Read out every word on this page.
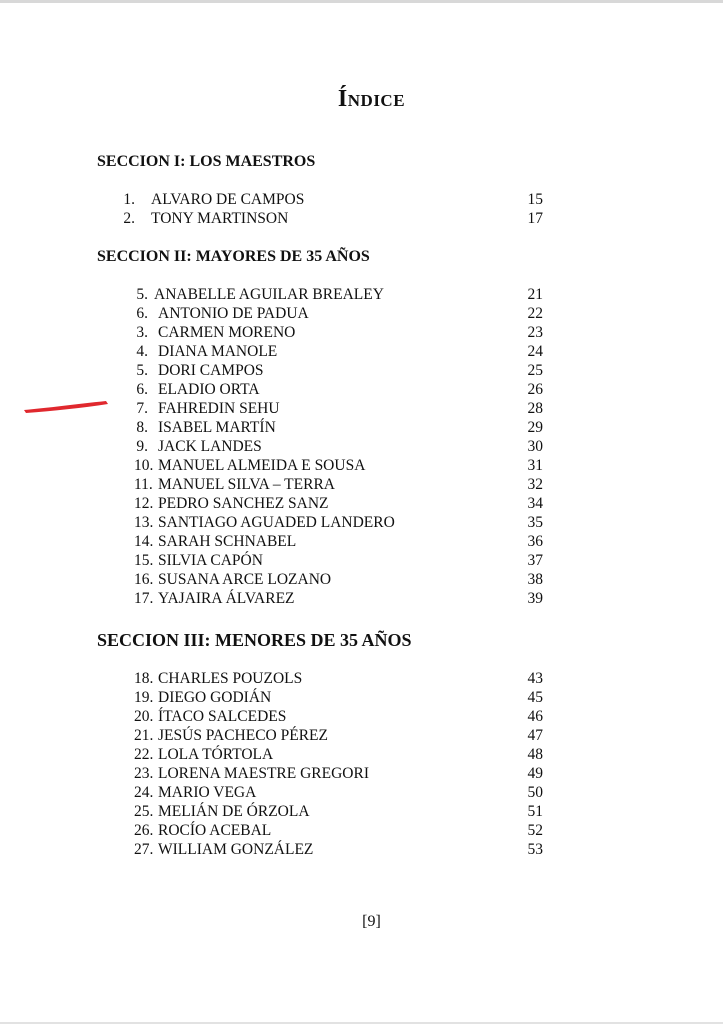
ÍNDICE
SECCION I: LOS MAESTROS
1. ALVARO DE CAMPOS	15
2. TONY MARTINSON	17
SECCION II: MAYORES DE 35 AÑOS
5. ANABELLE AGUILAR BREALEY	21
6. ANTONIO DE PADUA	22
3. CARMEN MORENO	23
4. DIANA MANOLE	24
5. DORI CAMPOS	25
6. ELADIO ORTA	26
7. FAHREDIN SEHU	28
8. ISABEL MARTÍN	29
9. JACK LANDES	30
10. MANUEL ALMEIDA E SOUSA	31
11. MANUEL SILVA – TERRA	32
12. PEDRO SANCHEZ SANZ	34
13. SANTIAGO AGUADED LANDERO	35
14. SARAH SCHNABEL	36
15. SILVIA CAPÓN	37
16. SUSANA ARCE LOZANO	38
17. YAJAIRA ÁLVAREZ	39
SECCION III: MENORES DE 35 AÑOS
18. CHARLES POUZOLS	43
19. DIEGO GODIÁN	45
20. ÍTACO SALCEDES	46
21. JESÚS PACHECO PÉREZ	47
22. LOLA TÓRTOLA	48
23. LORENA MAESTRE GREGORI	49
24. MARIO VEGA	50
25. MELIÁN DE ÓRZOLA	51
26. ROCÍO ACEBAL	52
27. WILLIAM GONZÁLEZ	53
[9]
